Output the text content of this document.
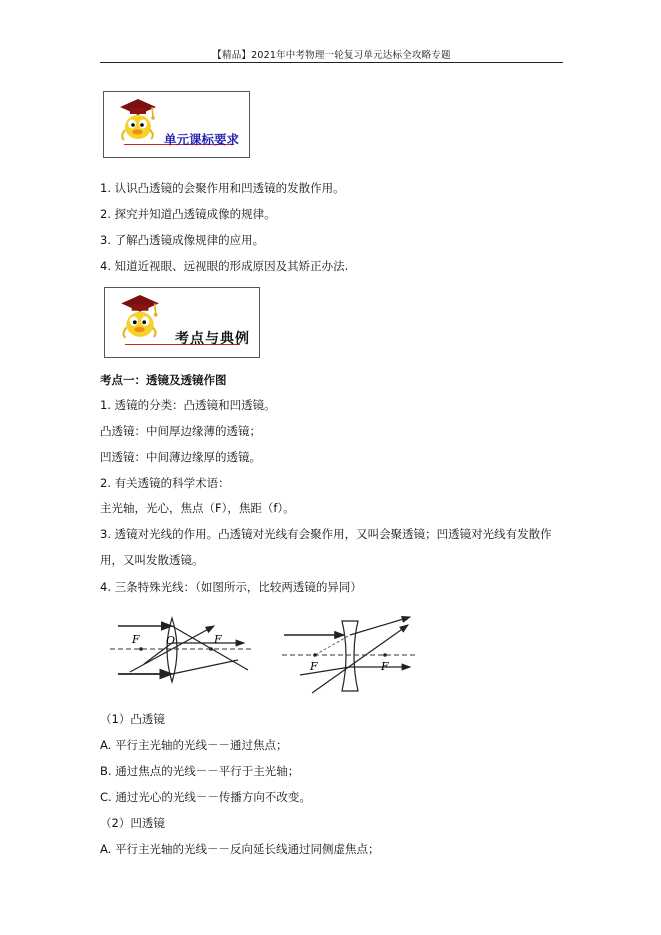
【精品】2021年中考物理一轮复习单元达标全攻略专题
单元课标要求
1. 认识凸透镜的会聚作用和凹透镜的发散作用。
2. 探究并知道凸透镜成像的规律。
3. 了解凸透镜成像规律的应用。
4. 知道近视眼、远视眼的形成原因及其矫正办法.
考点与典例
考点一：透镜及透镜作图
1. 透镜的分类：凸透镜和凹透镜。
凸透镜：中间厚边缘薄的透镜；
凹透镜：中间薄边缘厚的透镜。
2. 有关透镜的科学术语：
主光轴，光心，焦点（F），焦距（f）。
3. 透镜对光线的作用。凸透镜对光线有会聚作用，又叫会聚透镜；凹透镜对光线有发散作用，又叫发散透镜。
4. 三条特殊光线：（如图所示，比较两透镜的异同）
F O	F
F	F
（1）凸透镜
A. 平行主光轴的光线－－通过焦点；
B. 通过焦点的光线－－平行于主光轴；
C. 通过光心的光线－－传播方向不改变。
（2）凹透镜
A. 平行主光轴的光线－－反向延长线通过同侧虚焦点；
